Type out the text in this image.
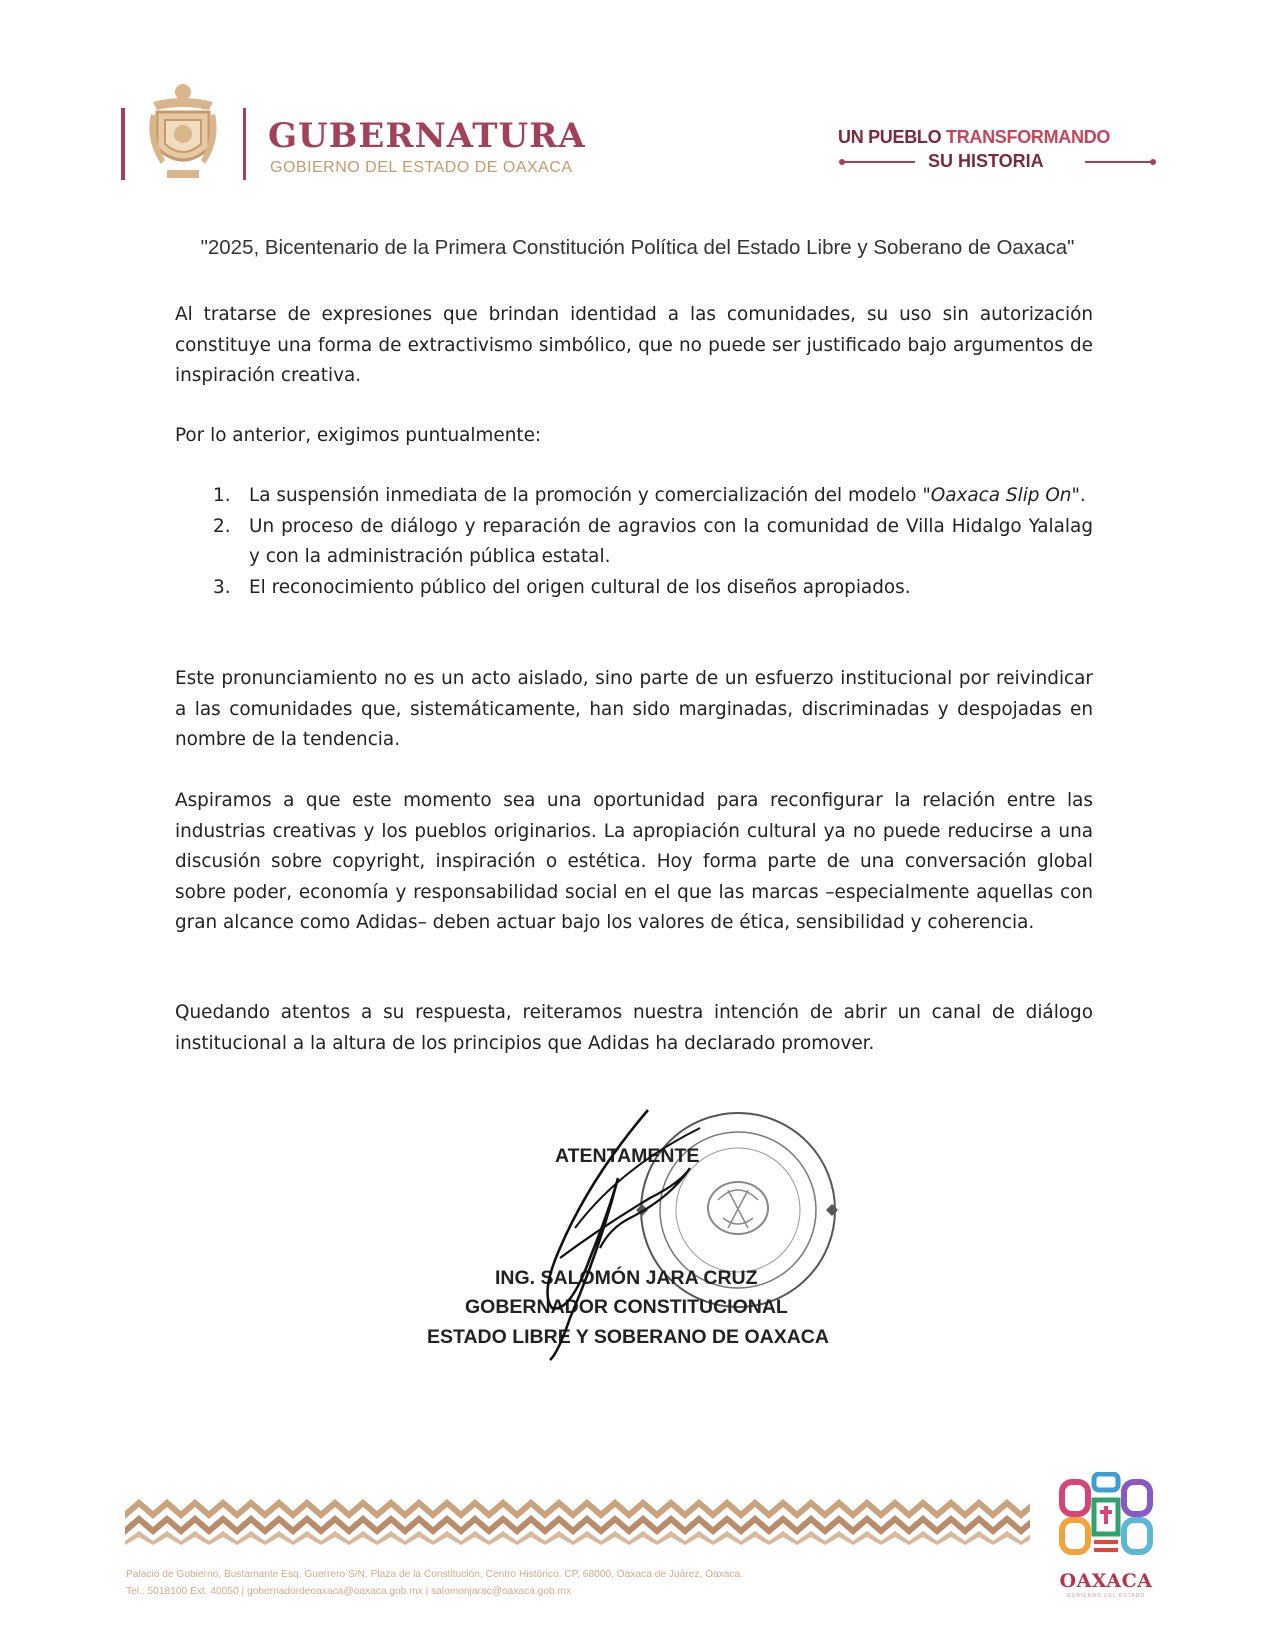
GUBERNATURA
GOBIERNO DEL ESTADO DE OAXACA
UN PUEBLO TRANSFORMANDO
SU HISTORIA
"2025, Bicentenario de la Primera Constitución Política del Estado Libre y Soberano de Oaxaca"
Al tratarse de expresiones que brindan identidad a las comunidades, su uso sin autorización constituye una forma de extractivismo simbólico, que no puede ser justificado bajo argumentos de inspiración creativa.
Por lo anterior, exigimos puntualmente:
1. La suspensión inmediata de la promoción y comercialización del modelo "Oaxaca Slip On".
2. Un proceso de diálogo y reparación de agravios con la comunidad de Villa Hidalgo Yalalag y con la administración pública estatal.
3. El reconocimiento público del origen cultural de los diseños apropiados.
Este pronunciamiento no es un acto aislado, sino parte de un esfuerzo institucional por reivindicar a las comunidades que, sistemáticamente, han sido marginadas, discriminadas y despojadas en nombre de la tendencia.
Aspiramos a que este momento sea una oportunidad para reconfigurar la relación entre las industrias creativas y los pueblos originarios. La apropiación cultural ya no puede reducirse a una discusión sobre copyright, inspiración o estética. Hoy forma parte de una conversación global sobre poder, economía y responsabilidad social en el que las marcas –especialmente aquellas con gran alcance como Adidas– deben actuar bajo los valores de ética, sensibilidad y coherencia.
Quedando atentos a su respuesta, reiteramos nuestra intención de abrir un canal de diálogo institucional a la altura de los principios que Adidas ha declarado promover.
ATENTAMENTE
ING. SALOMÓN JARA CRUZ
GOBERNADOR CONSTITUCIONAL
ESTADO LIBRE Y SOBERANO DE OAXACA
Palacio de Gobierno, Bustamante Esq. Guerrero S/N, Plaza de la Constitución, Centro Histórico. CP. 68000, Oaxaca de Juárez, Oaxaca.
Tel.: 5018100 Ext. 40050 | gobernadordeoaxaca@oaxaca.gob.mx | salomonjarac@oaxaca.gob.mx	OAXACA
GOBIERNO DEL ESTADO
